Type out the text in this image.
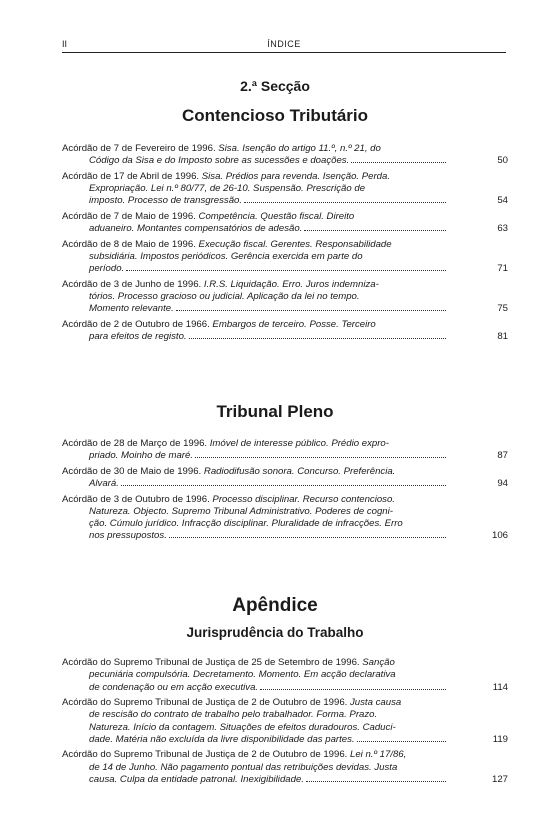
II	ÍNDICE
2.ª Secção
Contencioso Tributário
Acórdão de 7 de Fevereiro de 1996. Sisa. Isenção do artigo 11.º, n.º 21, do
Código da Sisa e do Imposto sobre as sucessões e doações.	50
Acórdão de 17 de Abril de 1996. Sisa. Prédios para revenda. Isenção. Perda.
Expropriação. Lei n.º 80/77, de 26-10. Suspensão. Prescrição de
imposto. Processo de transgressão.	54
Acórdão de 7 de Maio de 1996. Competência. Questão fiscal. Direito
aduaneiro. Montantes compensatórios de adesão.	63
Acórdão de 8 de Maio de 1996. Execução fiscal. Gerentes. Responsabilidade
subsidiária. Impostos periódicos. Gerência exercida em parte do
período.	71
Acórdão de 3 de Junho de 1996. I.R.S. Liquidação. Erro. Juros indemniza-
tórios. Processo gracioso ou judicial. Aplicação da lei no tempo.
Momento relevante.	75
Acórdão de 2 de Outubro de 1966. Embargos de terceiro. Posse. Terceiro
para efeitos de registo.	81
Tribunal Pleno
Acórdão de 28 de Março de 1996. Imóvel de interesse público. Prédio expro-
priado. Moinho de maré.	87
Acórdão de 30 de Maio de 1996. Radiodifusão sonora. Concurso. Preferência.
Alvará.	94
Acórdão de 3 de Outubro de 1996. Processo disciplinar. Recurso contencioso.
Natureza. Objecto. Supremo Tribunal Administrativo. Poderes de cogni-
ção. Cúmulo jurídico. Infracção disciplinar. Pluralidade de infracções. Erro
nos pressupostos.	106
Apêndice
Jurisprudência do Trabalho
Acórdão do Supremo Tribunal de Justiça de 25 de Setembro de 1996. Sanção
pecuniária compulsória. Decretamento. Momento. Em acção declarativa
de condenação ou em acção executiva.	114
Acórdão do Supremo Tribunal de Justiça de 2 de Outubro de 1996. Justa causa
de rescisão do contrato de trabalho pelo trabalhador. Forma. Prazo.
Natureza. Início da contagem. Situações de efeitos duradouros. Caduci-
dade. Matéria não excluída da livre disponibilidade das partes.	119
Acórdão do Supremo Tribunal de Justiça de 2 de Outubro de 1996. Lei n.º 17/86,
de 14 de Junho. Não pagamento pontual das retribuições devidas. Justa
causa. Culpa da entidade patronal. Inexigibilidade.	127
